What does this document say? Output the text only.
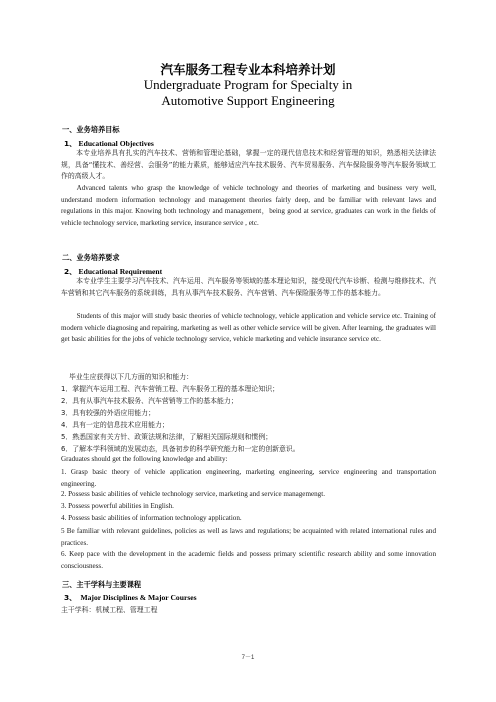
汽车服务工程专业本科培养计划
Undergraduate Program for Specialty in
Automotive Support Engineering
一、业务培养目标
1、 Educational Objectives

本专业培养具有扎实的汽车技术、营销和管理论基础，掌握一定的现代信息技术和经营管理的知识，熟悉相关法律法规，具备“懂技术、善经营、会服务”的能力素质，能够适应汽车技术服务、汽车贸易服务、汽车保险服务等汽车服务领域工作的高级人才。

Advanced talents who grasp the knowledge of vehicle technology and theories of marketing and business very well, understand modern information technology and management theories fairly deep, and be familiar with relevant laws and regulations in this major. Knowing both technology and management，being good at service, graduates can work in the fields of vehicle technology service, marketing service, insurance service , etc.

二、业务培养要求
2、 Educational Requirement

本专业学生主要学习汽车技术、汽车运用、汽车服务等领域的基本理论知识，接受现代汽车诊断、检测与维修技术、汽车营销和其它汽车服务的系统训练，具有从事汽车技术服务、汽车营销、汽车保险服务等工作的基本能力。

Students of this major will study basic theories of vehicle technology, vehicle application and vehicle service etc. Training of modern vehicle diagnosing and repairing, marketing as well as other vehicle service will be given. After learning, the graduates will get basic abilities for the jobs of vehicle technology service, vehicle marketing and vehicle insurance service etc.

毕业生应获得以下几方面的知识和能力：
1．掌握汽车运用工程、汽车营销工程、汽车服务工程的基本理论知识；
2．具有从事汽车技术服务、汽车营销等工作的基本能力；
3．具有较强的外语应用能力；
4．具有一定的信息技术应用能力；
5．熟悉国家有关方针、政策法规和法律，了解相关国际规则和惯例；
6．了解本学科领域的发展动态，具备初步的科学研究能力和一定的创新意识。
Graduates should get the following knowledge and ability:

1. Grasp basic theory of vehicle application engineering, marketing engineering, service engineering and transportation engineering.

2. Possess basic abilities of vehicle technology service, marketing and service managemengt.
3. Possess powerful abilities in English.
4. Possess basic abilities of information technology application.

5 Be familiar with relevant guidelines, policies as well as laws and regulations; be acquainted with related international rules and practices.

6. Keep pace with the development in the academic fields and possess primary scientific research ability and some innovation consciousness.

三、主干学科与主要课程
3、 Major Disciplines & Major Courses
主干学科：机械工程、管理工程
7－1
